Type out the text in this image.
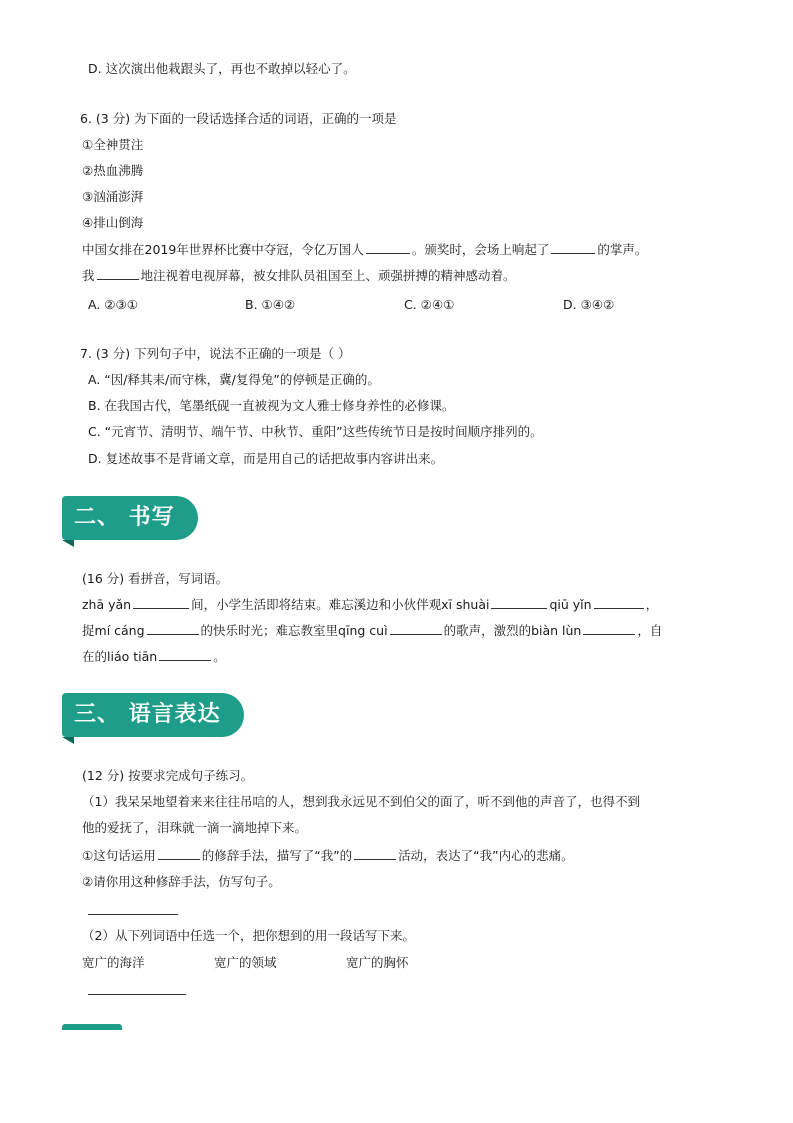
D. 这次演出他栽跟头了，再也不敢掉以轻心了。
6. (3 分) 为下面的一段话选择合适的词语，正确的一项是
①全神贯注
②热血沸腾
③汹涌澎湃
④排山倒海
中国女排在2019年世界杯比赛中夺冠，令亿万国人	。颁奖时，会场上响起了	的掌声。
我	地注视着电视屏幕，被女排队员祖国至上、顽强拼搏的精神感动着。
A. ②③①	B. ①④②	C. ②④①	D. ③④②
7. (3 分) 下列句子中，说法不正确的一项是（ ）
A. “因/释其耒/而守株，冀/复得兔”的停顿是正确的。
B. 在我国古代，笔墨纸砚一直被视为文人雅士修身养性的必修课。
C. “元宵节、清明节、端午节、中秋节、重阳”这些传统节日是按时间顺序排列的。
D. 复述故事不是背诵文章，而是用自己的话把故事内容讲出来。
二、 书写
(16 分) 看拼音，写词语。
zhā yǎn	间，小学生活即将结束。难忘溪边和小伙伴观xī shuài	qiū yǐn	，
捉mí cáng	的快乐时光；难忘教室里qīng cuì	的歌声，激烈的biàn lùn	，自
在的liáo tiān	。
三、 语言表达
(12 分) 按要求完成句子练习。
（1）我呆呆地望着来来往往吊唁的人，想到我永远见不到伯父的面了，听不到他的声音了，也得不到
他的爱抚了，泪珠就一滴一滴地掉下来。
①这句话运用	的修辞手法，描写了“我”的	活动，表达了“我”内心的悲痛。
②请你用这种修辞手法，仿写句子。
（2）从下列词语中任选一个，把你想到的用一段话写下来。
宽广的海洋	宽广的领域	宽广的胸怀
